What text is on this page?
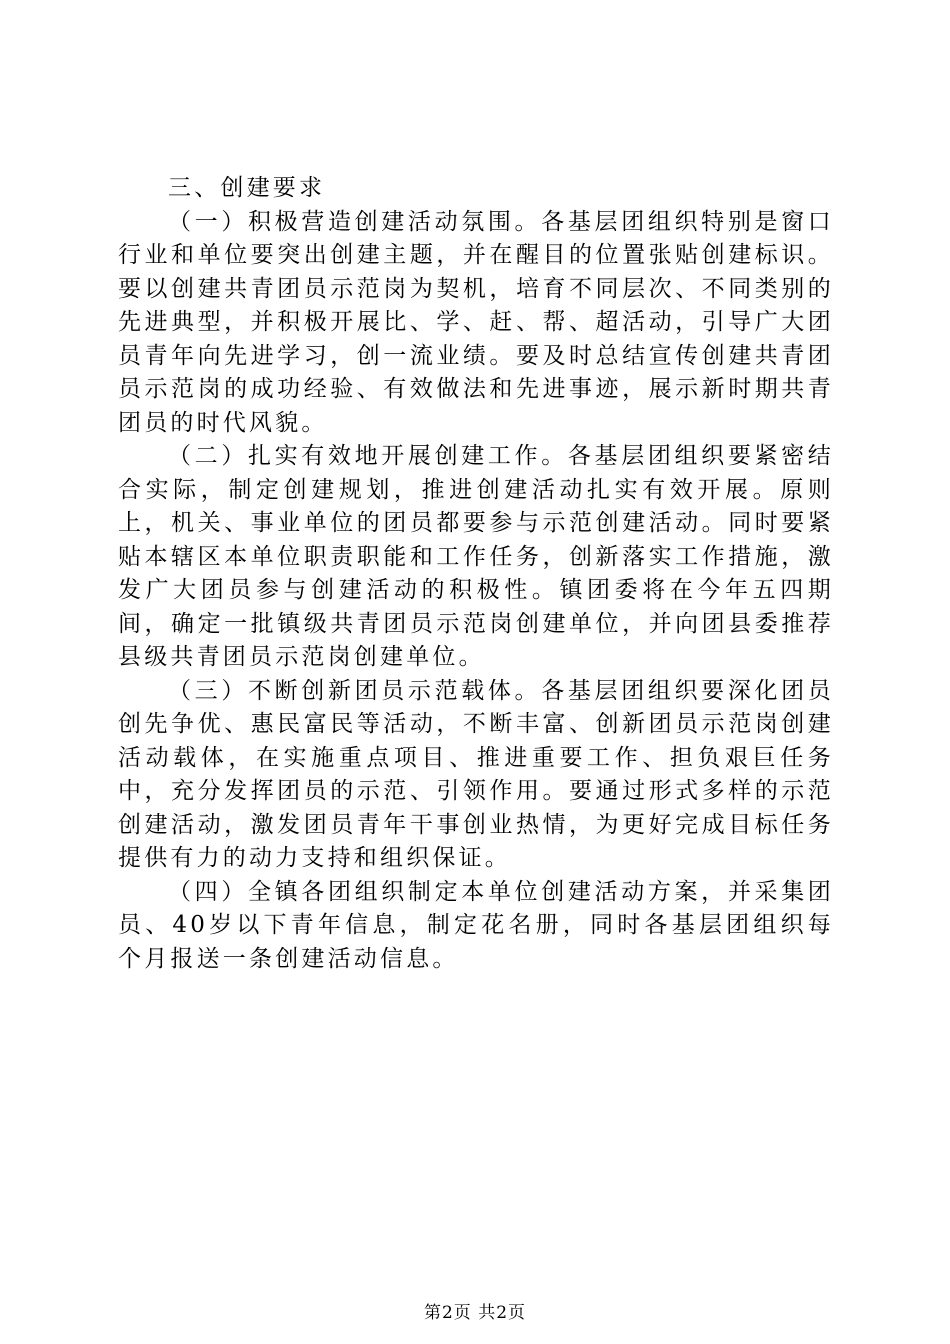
三、创建要求

（一）积极营造创建活动氛围。各基层团组织特别是窗口行业和单位要突出创建主题，并在醒目的位置张贴创建标识。要以创建共青团员示范岗为契机，培育不同层次、不同类别的先进典型，并积极开展比、学、赶、帮、超活动，引导广大团员青年向先进学习，创一流业绩。要及时总结宣传创建共青团员示范岗的成功经验、有效做法和先进事迹，展示新时期共青团员的时代风貌。

（二）扎实有效地开展创建工作。各基层团组织要紧密结合实际，制定创建规划，推进创建活动扎实有效开展。原则上，机关、事业单位的团员都要参与示范创建活动。同时要紧贴本辖区本单位职责职能和工作任务，创新落实工作措施，激发广大团员参与创建活动的积极性。镇团委将在今年五四期间，确定一批镇级共青团员示范岗创建单位，并向团县委推荐县级共青团员示范岗创建单位。

（三）不断创新团员示范载体。各基层团组织要深化团员创先争优、惠民富民等活动，不断丰富、创新团员示范岗创建活动载体，在实施重点项目、推进重要工作、担负艰巨任务中，充分发挥团员的示范、引领作用。要通过形式多样的示范创建活动，激发团员青年干事创业热情，为更好完成目标任务提供有力的动力支持和组织保证。

（四）全镇各团组织制定本单位创建活动方案，并采集团员、40岁以下青年信息，制定花名册，同时各基层团组织每个月报送一条创建活动信息。

第2页 共2页
